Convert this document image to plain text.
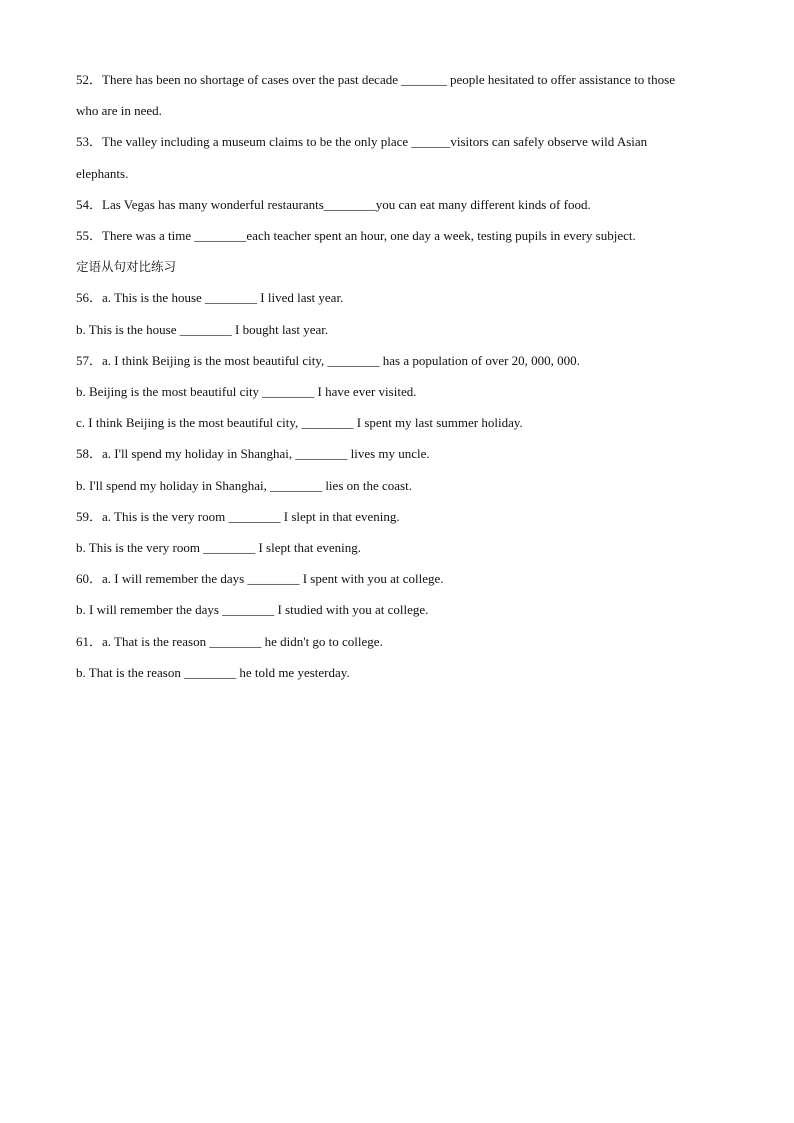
52．There has been no shortage of cases over the past decade _______ people hesitated to offer assistance to those
who are in need.
53．The valley including a museum claims to be the only place ______visitors can safely observe wild Asian
elephants.
54．Las Vegas has many wonderful restaurants________you can eat many different kinds of food.
55．There was a time ________each teacher spent an hour, one day a week, testing pupils in every subject.
定语从句对比练习
56．a. This is the house ________ I lived last year.
b. This is the house ________ I bought last year.
57．a. I think Beijing is the most beautiful city, ________ has a population of over 20, 000, 000.
b. Beijing is the most beautiful city ________ I have ever visited.
c. I think Beijing is the most beautiful city, ________ I spent my last summer holiday.
58．a. I'll spend my holiday in Shanghai, ________ lives my uncle.
b. I'll spend my holiday in Shanghai, ________ lies on the coast.
59．a. This is the very room ________ I slept in that evening.
b. This is the very room ________ I slept that evening.
60．a. I will remember the days ________ I spent with you at college.
b. I will remember the days ________ I studied with you at college.
61．a. That is the reason ________ he didn't go to college.
b. That is the reason ________ he told me yesterday.
